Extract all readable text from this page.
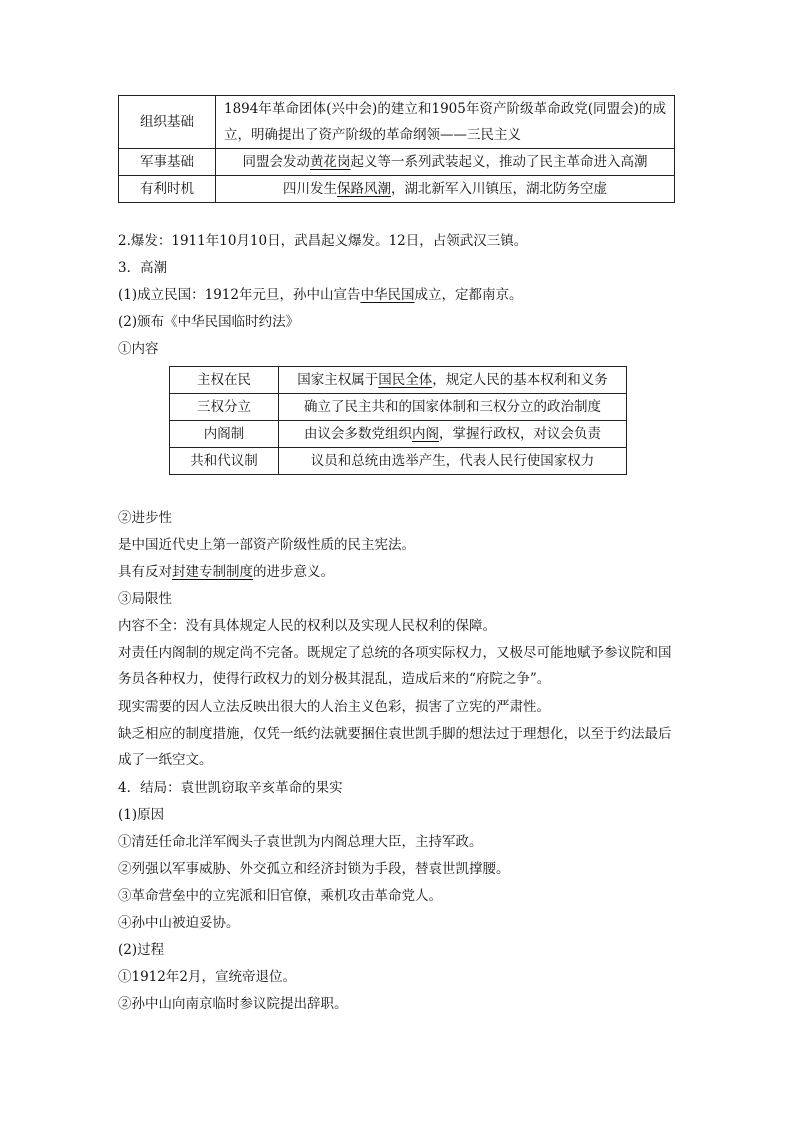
组织基础	1894年革命团体(兴中会)的建立和1905年资产阶级革命政党(同盟会)的成立，明确提出了资产阶级的革命纲领——三民主义
军事基础	同盟会发动黄花岗起义等一系列武装起义，推动了民主革命进入高潮
有利时机	四川发生保路风潮，湖北新军入川镇压，湖北防务空虚
2.爆发：1911年10月10日，武昌起义爆发。12日，占领武汉三镇。
3．高潮
(1)成立民国：1912年元旦，孙中山宣告中华民国成立，定都南京。
(2)颁布《中华民国临时约法》
①内容
主权在民	国家主权属于国民全体，规定人民的基本权利和义务
三权分立	确立了民主共和的国家体制和三权分立的政治制度
内阁制	由议会多数党组织内阁，掌握行政权，对议会负责
共和代议制	议员和总统由选举产生，代表人民行使国家权力
②进步性
是中国近代史上第一部资产阶级性质的民主宪法。
具有反对封建专制制度的进步意义。
③局限性
内容不全：没有具体规定人民的权利以及实现人民权利的保障。
对责任内阁制的规定尚不完备。既规定了总统的各项实际权力，又极尽可能地赋予参议院和国务员各种权力，使得行政权力的划分极其混乱，造成后来的“府院之争”。
现实需要的因人立法反映出很大的人治主义色彩，损害了立宪的严肃性。
缺乏相应的制度措施，仅凭一纸约法就要捆住袁世凯手脚的想法过于理想化，以至于约法最后成了一纸空文。
4．结局：袁世凯窃取辛亥革命的果实
(1)原因
①清廷任命北洋军阀头子袁世凯为内阁总理大臣，主持军政。
②列强以军事威胁、外交孤立和经济封锁为手段，替袁世凯撑腰。
③革命营垒中的立宪派和旧官僚，乘机攻击革命党人。
④孙中山被迫妥协。
(2)过程
①1912年2月，宣统帝退位。
②孙中山向南京临时参议院提出辞职。
